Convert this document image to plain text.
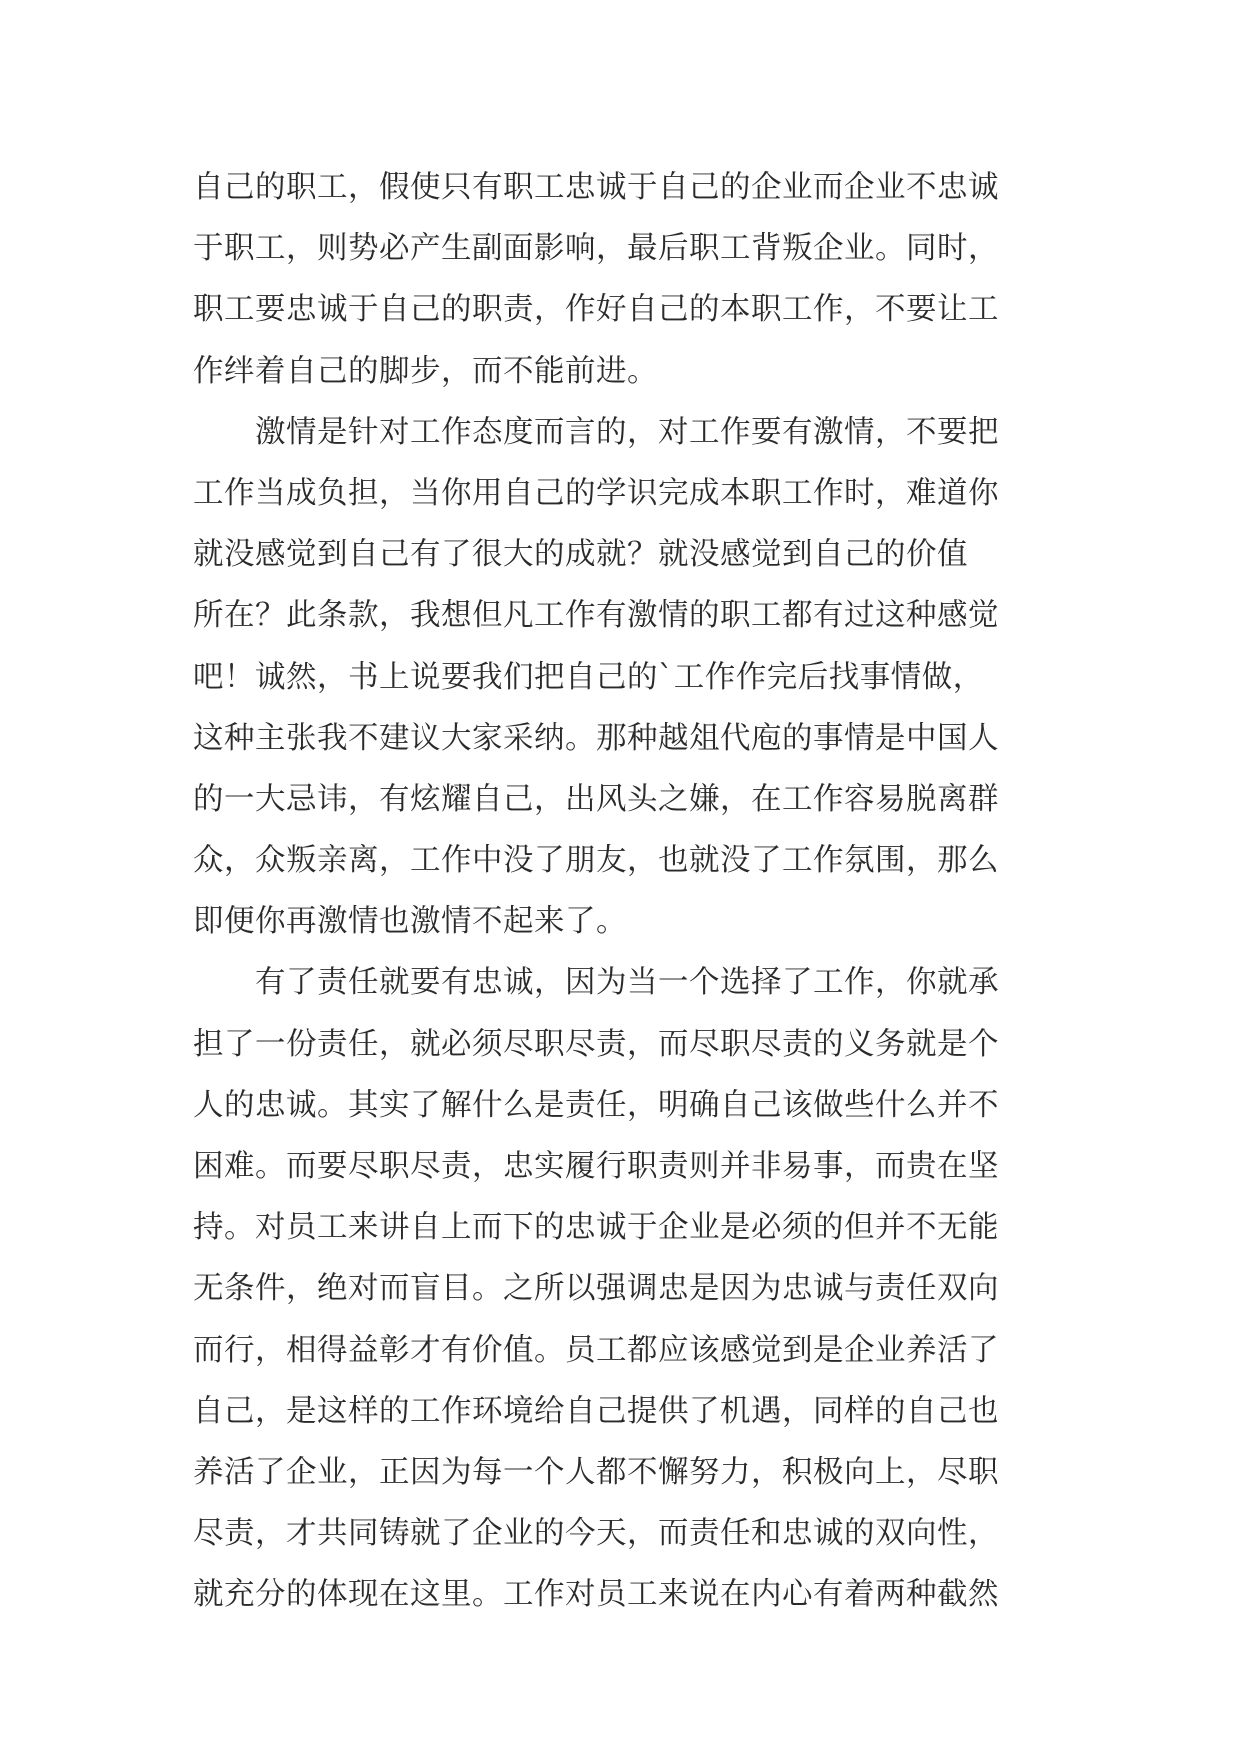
自己的职工，假使只有职工忠诚于自己的企业而企业不忠诚
于职工，则势必产生副面影响，最后职工背叛企业。同时，
职工要忠诚于自己的职责，作好自己的本职工作，不要让工
作绊着自己的脚步，而不能前进。
　　激情是针对工作态度而言的，对工作要有激情，不要把
工作当成负担，当你用自己的学识完成本职工作时，难道你
就没感觉到自己有了很大的成就？就没感觉到自己的价值
所在？此条款，我想但凡工作有激情的职工都有过这种感觉
吧！诚然，书上说要我们把自己的`工作作完后找事情做，
这种主张我不建议大家采纳。那种越俎代庖的事情是中国人
的一大忌讳，有炫耀自己，出风头之嫌，在工作容易脱离群
众，众叛亲离，工作中没了朋友，也就没了工作氛围，那么
即便你再激情也激情不起来了。
　　有了责任就要有忠诚，因为当一个选择了工作，你就承
担了一份责任，就必须尽职尽责，而尽职尽责的义务就是个
人的忠诚。其实了解什么是责任，明确自己该做些什么并不
困难。而要尽职尽责，忠实履行职责则并非易事，而贵在坚
持。对员工来讲自上而下的忠诚于企业是必须的但并不无能
无条件，绝对而盲目。之所以强调忠是因为忠诚与责任双向
而行，相得益彰才有价值。员工都应该感觉到是企业养活了
自己，是这样的工作环境给自己提供了机遇，同样的自己也
养活了企业，正因为每一个人都不懈努力，积极向上，尽职
尽责，才共同铸就了企业的今天，而责任和忠诚的双向性，
就充分的体现在这里。工作对员工来说在内心有着两种截然
